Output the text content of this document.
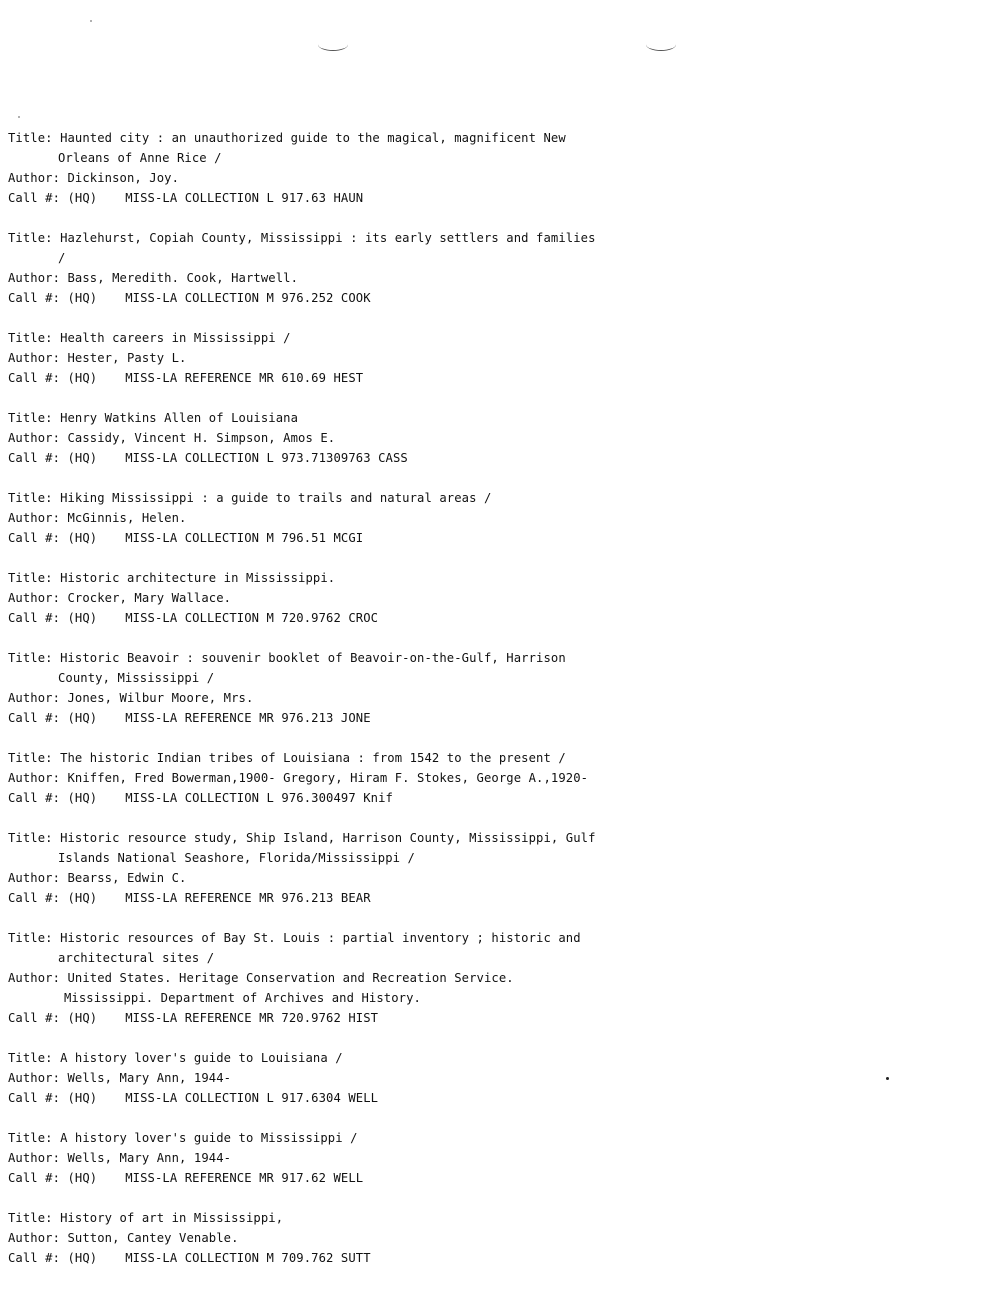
Title: Haunted city : an unauthorized guide to the magical, magnificent New
Orleans of Anne Rice /
Author: Dickinson, Joy.
Call #: (HQ) MISS-LA COLLECTION L 917.63 HAUN
Title: Hazlehurst, Copiah County, Mississippi : its early settlers and families
/
Author: Bass, Meredith. Cook, Hartwell.
Call #: (HQ) MISS-LA COLLECTION M 976.252 COOK
Title: Health careers in Mississippi /
Author: Hester, Pasty L.
Call #: (HQ) MISS-LA REFERENCE MR 610.69 HEST
Title: Henry Watkins Allen of Louisiana
Author: Cassidy, Vincent H. Simpson, Amos E.
Call #: (HQ) MISS-LA COLLECTION L 973.71309763 CASS
Title: Hiking Mississippi : a guide to trails and natural areas /
Author: McGinnis, Helen.
Call #: (HQ) MISS-LA COLLECTION M 796.51 MCGI
Title: Historic architecture in Mississippi.
Author: Crocker, Mary Wallace.
Call #: (HQ) MISS-LA COLLECTION M 720.9762 CROC
Title: Historic Beavoir : souvenir booklet of Beavoir-on-the-Gulf, Harrison
County, Mississippi /
Author: Jones, Wilbur Moore, Mrs.
Call #: (HQ) MISS-LA REFERENCE MR 976.213 JONE
Title: The historic Indian tribes of Louisiana : from 1542 to the present /
Author: Kniffen, Fred Bowerman,1900- Gregory, Hiram F. Stokes, George A.,1920-
Call #: (HQ) MISS-LA COLLECTION L 976.300497 Knif
Title: Historic resource study, Ship Island, Harrison County, Mississippi, Gulf
Islands National Seashore, Florida/Mississippi /
Author: Bearss, Edwin C.
Call #: (HQ) MISS-LA REFERENCE MR 976.213 BEAR
Title: Historic resources of Bay St. Louis : partial inventory ; historic and
architectural sites /
Author: United States. Heritage Conservation and Recreation Service.
Mississippi. Department of Archives and History.
Call #: (HQ) MISS-LA REFERENCE MR 720.9762 HIST
Title: A history lover's guide to Louisiana /
Author: Wells, Mary Ann, 1944-
Call #: (HQ) MISS-LA COLLECTION L 917.6304 WELL
Title: A history lover's guide to Mississippi /
Author: Wells, Mary Ann, 1944-
Call #: (HQ) MISS-LA REFERENCE MR 917.62 WELL
Title: History of art in Mississippi,
Author: Sutton, Cantey Venable.
Call #: (HQ) MISS-LA COLLECTION M 709.762 SUTT
